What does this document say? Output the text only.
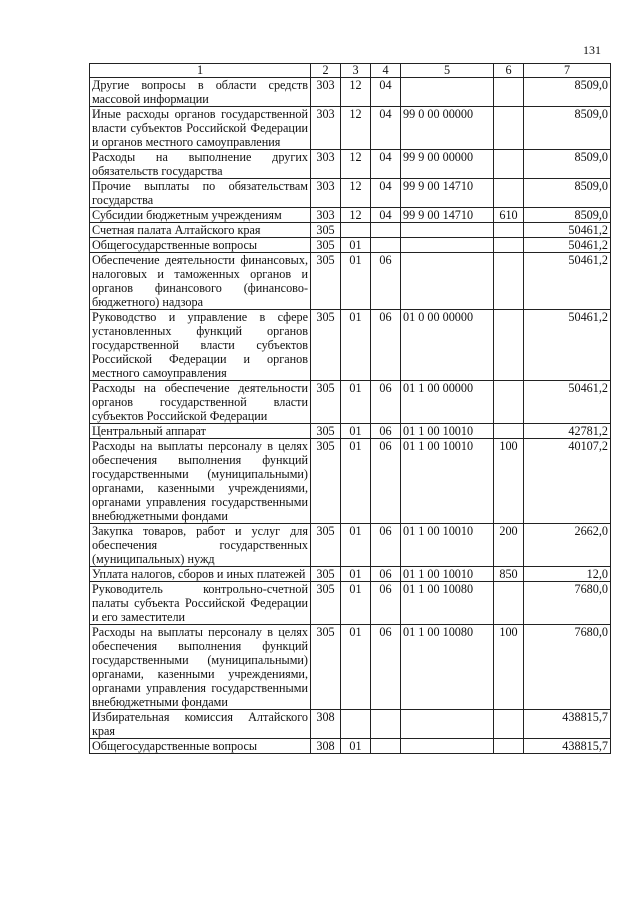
131
1	2	3	4	5	6	7
Другие вопросы в области средств массовой информации	303	12	04			8509,0
Иные расходы органов государственной власти субъектов Российской Федерации и органов местного самоуправления	303	12	04	99 0 00 00000		8509,0
Расходы на выполнение других обязательств государства	303	12	04	99 9 00 00000		8509,0
Прочие выплаты по обязательствам государства	303	12	04	99 9 00 14710		8509,0
Субсидии бюджетным учреждениям	303	12	04	99 9 00 14710	610	8509,0
Счетная палата Алтайского края	305					50461,2
Общегосударственные вопросы	305	01				50461,2
Обеспечение деятельности финансовых, налоговых и таможенных органов и органов финансового (финансово-бюджетного) надзора	305	01	06			50461,2
Руководство и управление в сфере установленных функций органов государственной власти субъектов Российской Федерации и органов местного самоуправления	305	01	06	01 0 00 00000		50461,2
Расходы на обеспечение деятельности органов государственной власти субъектов Российской Федерации	305	01	06	01 1 00 00000		50461,2
Центральный аппарат	305	01	06	01 1 00 10010		42781,2
Расходы на выплаты персоналу в целях обеспечения выполнения функций государственными (муниципальными) органами, казенными учреждениями, органами управления государственными внебюджетными фондами	305	01	06	01 1 00 10010	100	40107,2
Закупка товаров, работ и услуг для обеспечения государственных (муниципальных) нужд	305	01	06	01 1 00 10010	200	2662,0
Уплата налогов, сборов и иных платежей	305	01	06	01 1 00 10010	850	12,0
Руководитель контрольно-счетной палаты субъекта Российской Федерации и его заместители	305	01	06	01 1 00 10080		7680,0
Расходы на выплаты персоналу в целях обеспечения выполнения функций государственными (муниципальными) органами, казенными учреждениями, органами управления государственными внебюджетными фондами	305	01	06	01 1 00 10080	100	7680,0
Избирательная комиссия Алтайского края	308					438815,7
Общегосударственные вопросы	308	01				438815,7
